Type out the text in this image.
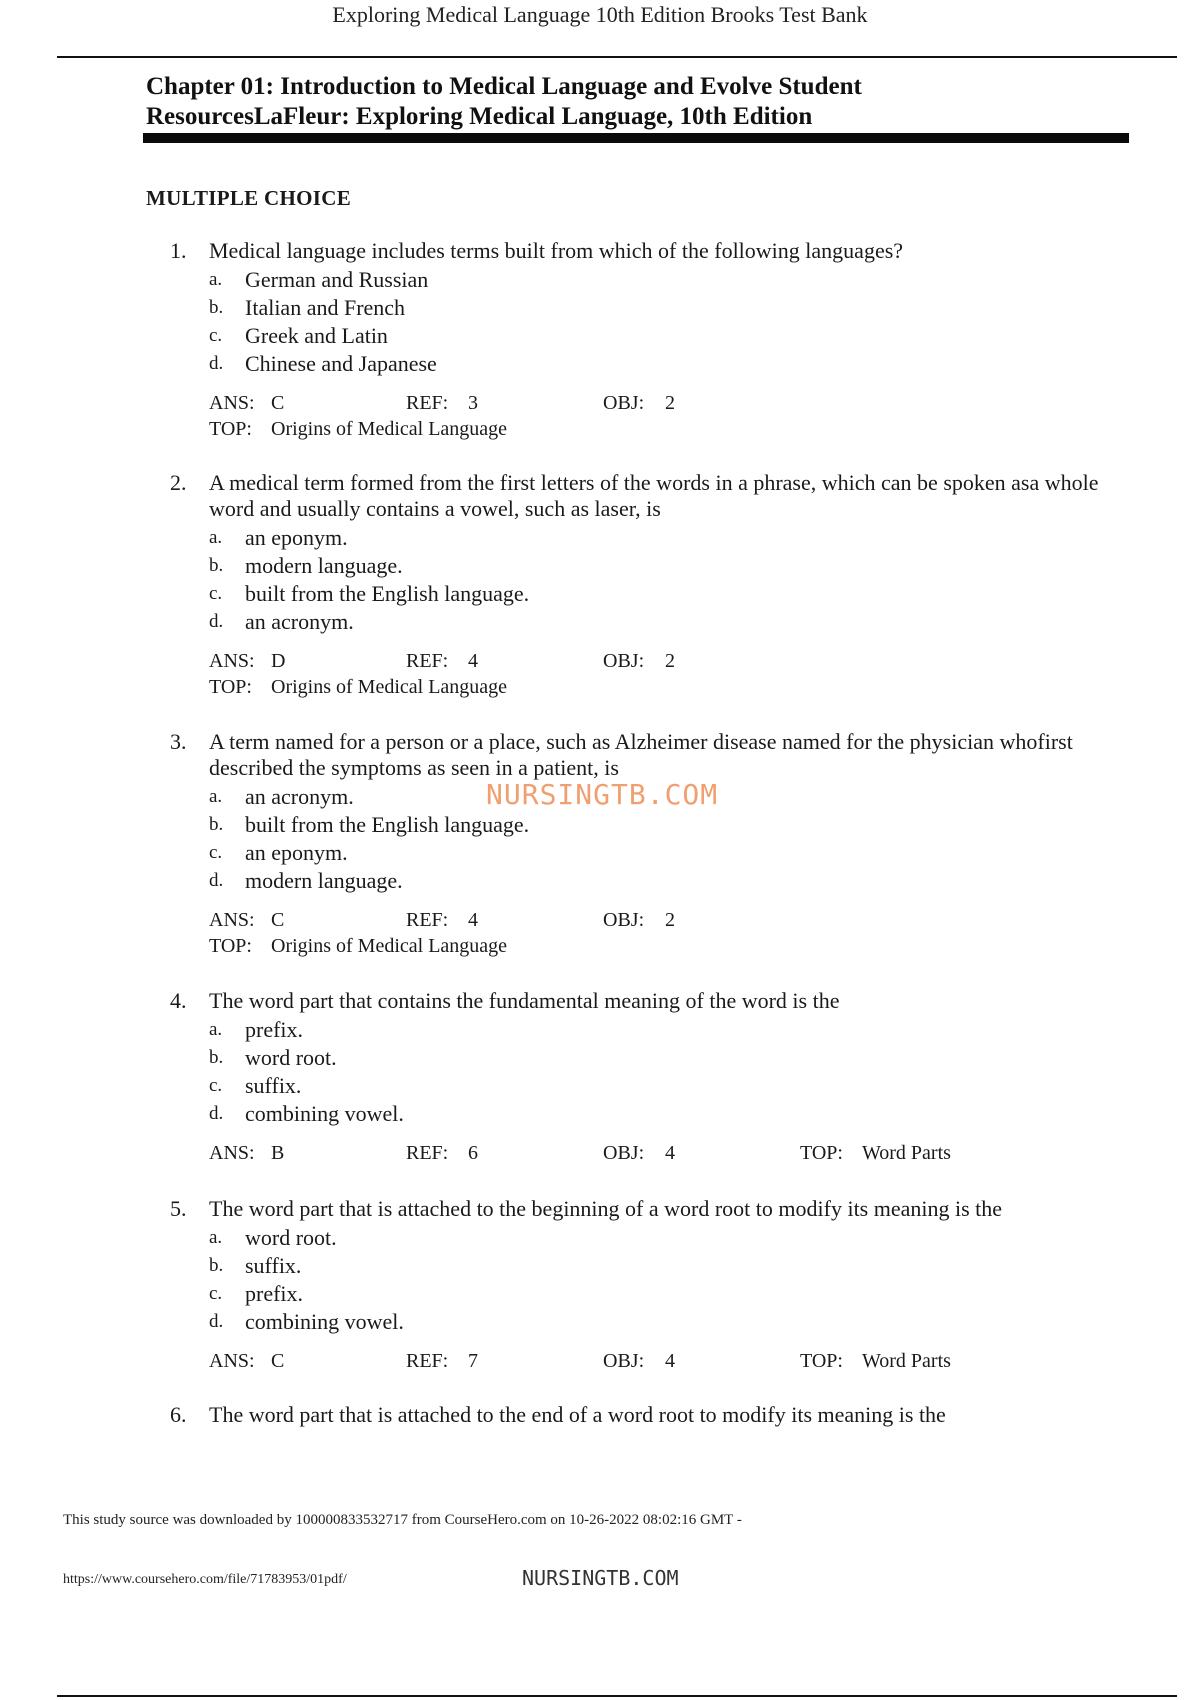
Exploring Medical Language 10th Edition Brooks Test Bank
Chapter 01: Introduction to Medical Language and Evolve Student
ResourcesLaFleur: Exploring Medical Language, 10th Edition
MULTIPLE CHOICE
1.	Medical language includes terms built from which of the following languages?
a.	German and Russian
b. Italian and French
c.	Greek and Latin
d. Chinese and Japanese
ANS: C	REF: 3	OBJ:	2
TOP: Origins of Medical Language
2.	A medical term formed from the first letters of the words in a phrase, which can be spoken asa whole word and usually contains a vowel, such as laser, is
a.	an eponym.
b. modern language.
c.	built from the English language.
d. an acronym.
ANS: D	REF: 4	OBJ:	2
TOP: Origins of Medical Language
3.	A term named for a person or a place, such as Alzheimer disease named for the physician whofirst described the symptoms as seen in a patient, is
a.	an acronym.
b. built from the English language.
c.	an eponym.
d. modern language.
ANS: C	REF: 4	OBJ:	2
TOP: Origins of Medical Language
NURSINGTB.COM
4.	The word part that contains the fundamental meaning of the word is the
a.	prefix.
b. word root.
c.	suffix.
d. combining vowel.
ANS: B	REF: 6	OBJ:	4	TOP: Word Parts
5.	The word part that is attached to the beginning of a word root to modify its meaning is the
a.	word root.
b. suffix.
c.	prefix.
d. combining vowel.
ANS: C	REF: 7	OBJ:	4	TOP: Word Parts
6.	The word part that is attached to the end of a word root to modify its meaning is the
This study source was downloaded by 100000833532717 from CourseHero.com on 10-26-2022 08:02:16 GMT -
https://www.coursehero.com/file/71783953/01pdf/	NURSINGTB.COM
